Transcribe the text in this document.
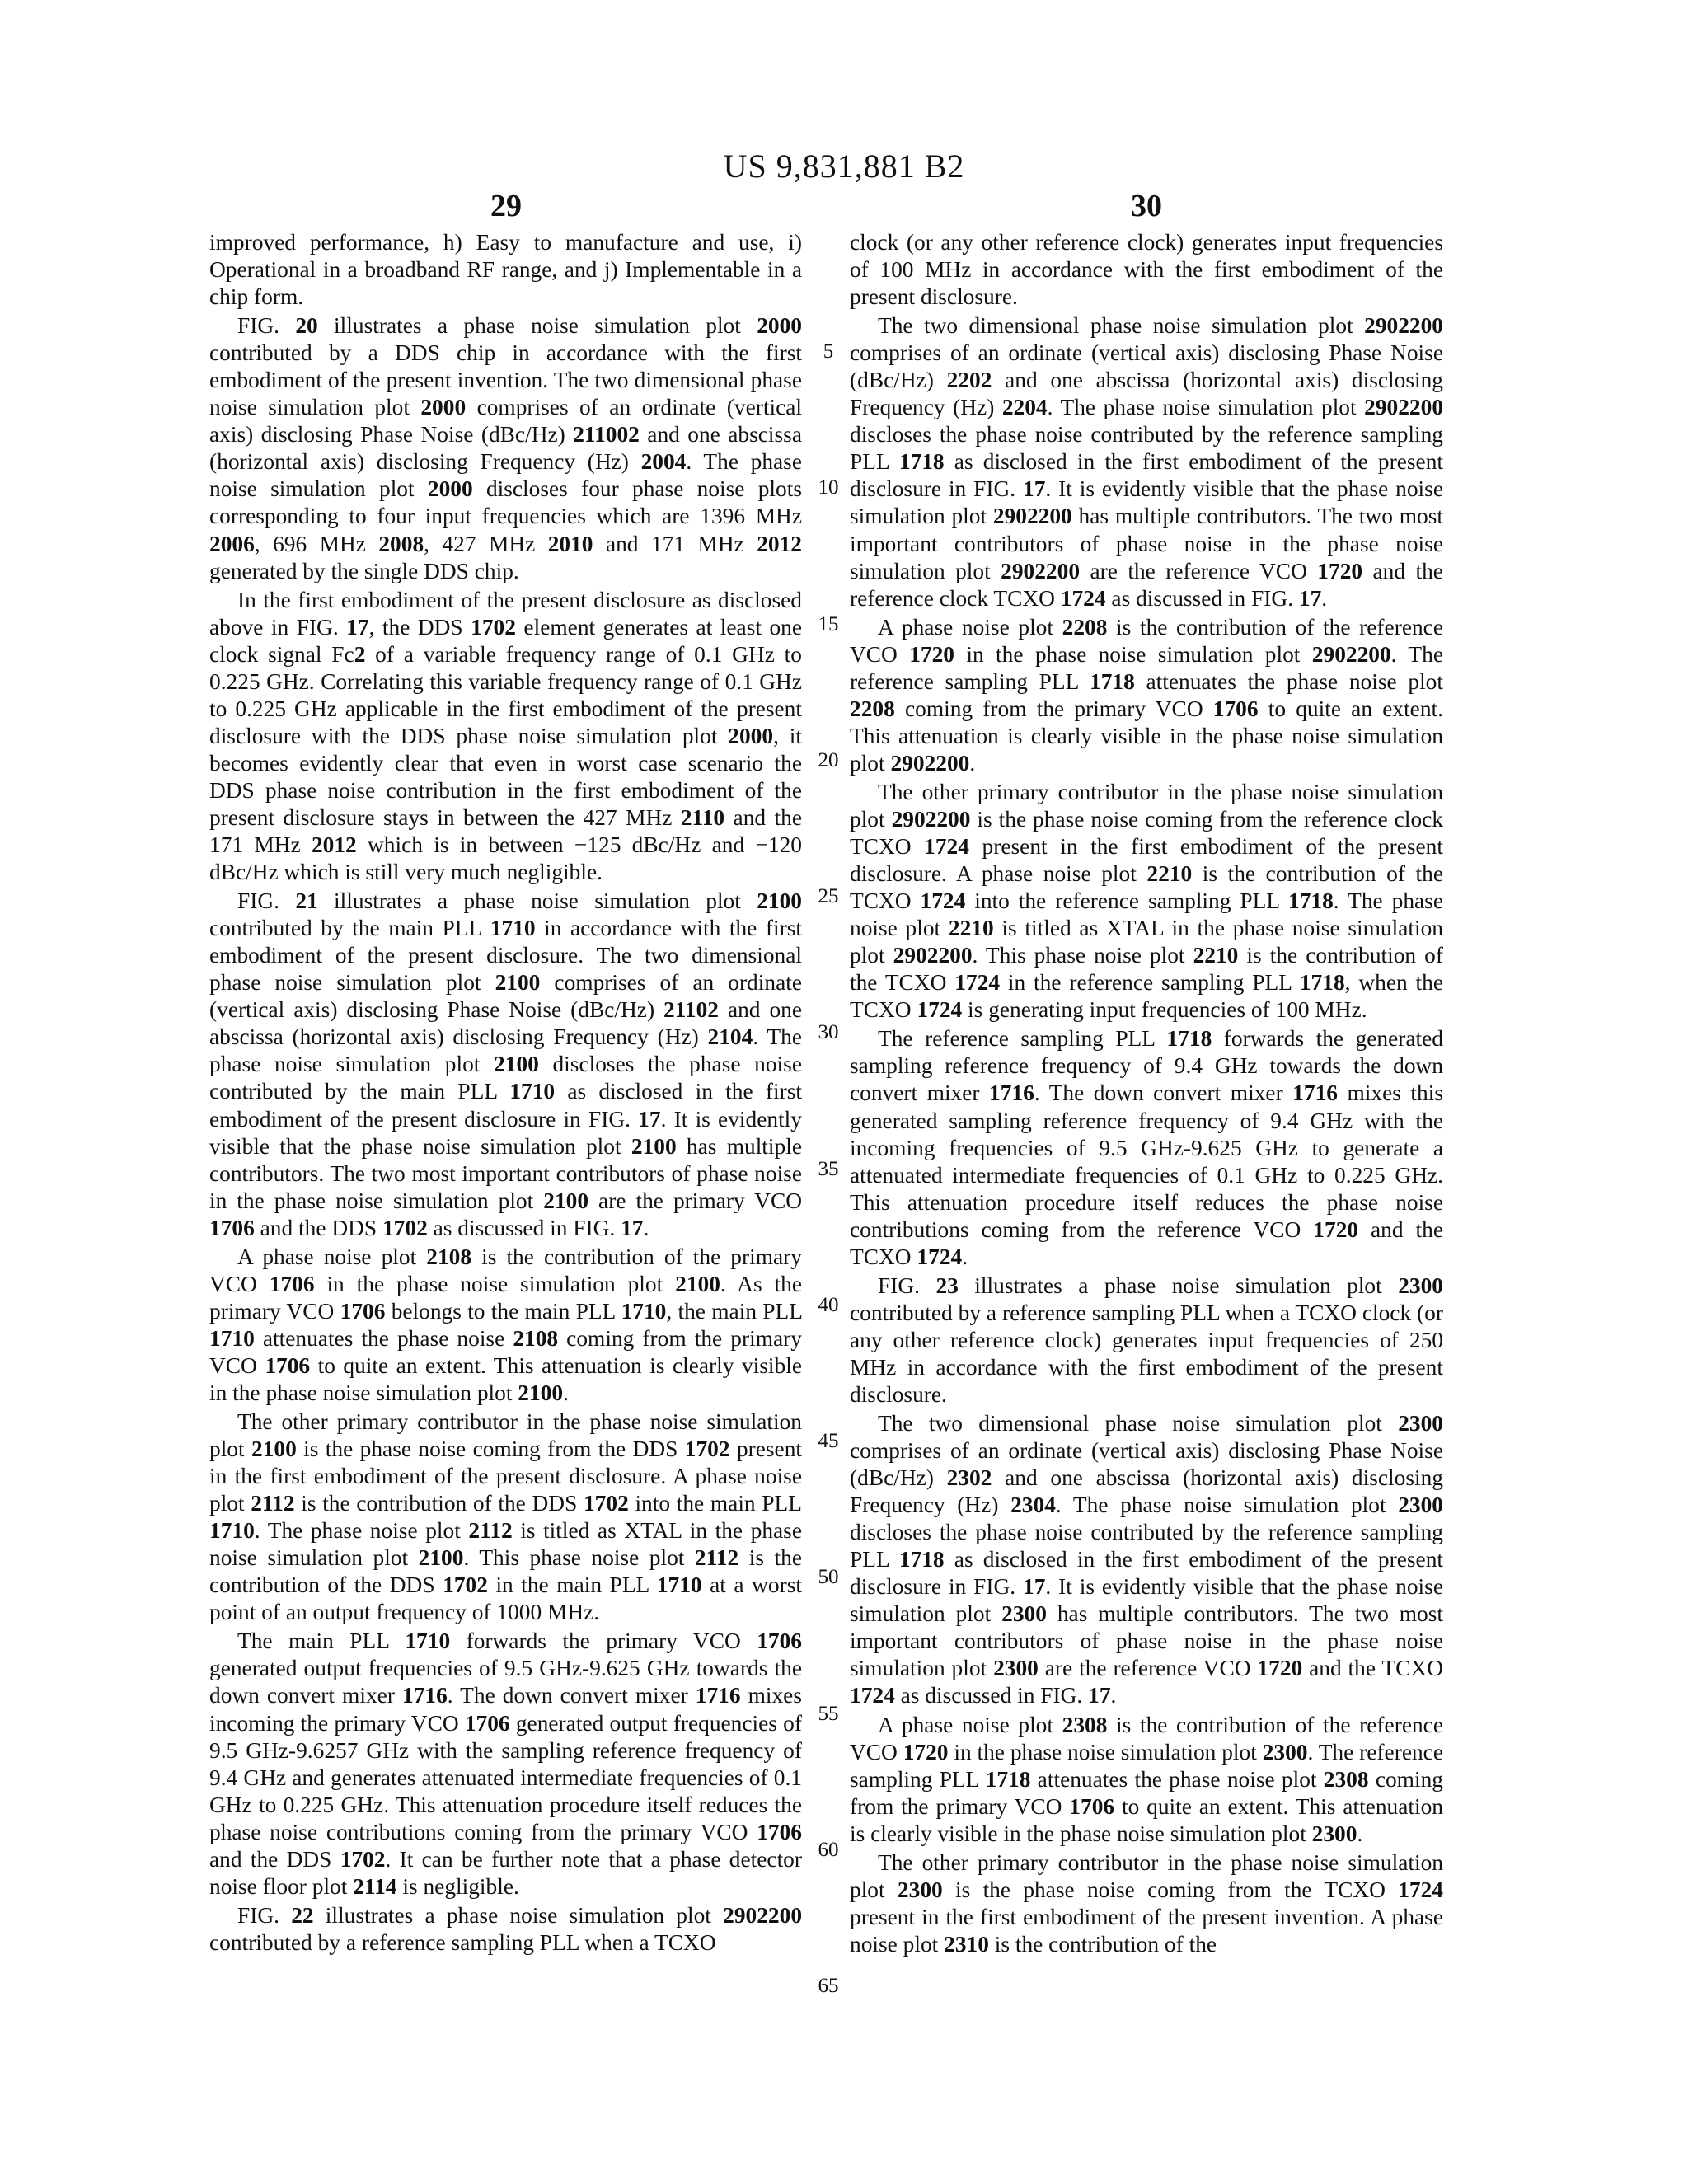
US 9,831,881 B2
29	30
5
10
15
20
25
30
35
40
45
50
55
60
65

improved performance, h) Easy to manufacture and use, i) Operational in a broadband RF range, and j) Implementable in a chip form.

FIG. 20 illustrates a phase noise simulation plot 2000 contributed by a DDS chip in accordance with the first embodiment of the present invention. The two dimensional phase noise simulation plot 2000 comprises of an ordinate (vertical axis) disclosing Phase Noise (dBc/Hz) 211002 and one abscissa (horizontal axis) disclosing Frequency (Hz) 2004. The phase noise simulation plot 2000 discloses four phase noise plots corresponding to four input frequencies which are 1396 MHz 2006, 696 MHz 2008, 427 MHz 2010 and 171 MHz 2012 generated by the single DDS chip.

In the first embodiment of the present disclosure as disclosed above in FIG. 17, the DDS 1702 element generates at least one clock signal Fc2 of a variable frequency range of 0.1 GHz to 0.225 GHz. Correlating this variable frequency range of 0.1 GHz to 0.225 GHz applicable in the first embodiment of the present disclosure with the DDS phase noise simulation plot 2000, it becomes evidently clear that even in worst case scenario the DDS phase noise contribution in the first embodiment of the present disclosure stays in between the 427 MHz 2110 and the 171 MHz 2012 which is in between −125 dBc/Hz and −120 dBc/Hz which is still very much negligible.

FIG. 21 illustrates a phase noise simulation plot 2100 contributed by the main PLL 1710 in accordance with the first embodiment of the present disclosure. The two dimensional phase noise simulation plot 2100 comprises of an ordinate (vertical axis) disclosing Phase Noise (dBc/Hz) 21102 and one abscissa (horizontal axis) disclosing Frequency (Hz) 2104. The phase noise simulation plot 2100 discloses the phase noise contributed by the main PLL 1710 as disclosed in the first embodiment of the present disclosure in FIG. 17. It is evidently visible that the phase noise simulation plot 2100 has multiple contributors. The two most important contributors of phase noise in the phase noise simulation plot 2100 are the primary VCO 1706 and the DDS 1702 as discussed in FIG. 17.

A phase noise plot 2108 is the contribution of the primary VCO 1706 in the phase noise simulation plot 2100. As the primary VCO 1706 belongs to the main PLL 1710, the main PLL 1710 attenuates the phase noise 2108 coming from the primary VCO 1706 to quite an extent. This attenuation is clearly visible in the phase noise simulation plot 2100.

The other primary contributor in the phase noise simulation plot 2100 is the phase noise coming from the DDS 1702 present in the first embodiment of the present disclosure. A phase noise plot 2112 is the contribution of the DDS 1702 into the main PLL 1710. The phase noise plot 2112 is titled as XTAL in the phase noise simulation plot 2100. This phase noise plot 2112 is the contribution of the DDS 1702 in the main PLL 1710 at a worst point of an output frequency of 1000 MHz.

The main PLL 1710 forwards the primary VCO 1706 generated output frequencies of 9.5 GHz-9.625 GHz towards the down convert mixer 1716. The down convert mixer 1716 mixes incoming the primary VCO 1706 generated output frequencies of 9.5 GHz-9.6257 GHz with the sampling reference frequency of 9.4 GHz and generates attenuated intermediate frequencies of 0.1 GHz to 0.225 GHz. This attenuation procedure itself reduces the phase noise contributions coming from the primary VCO 1706 and the DDS 1702. It can be further note that a phase detector noise floor plot 2114 is negligible.

FIG. 22 illustrates a phase noise simulation plot 2902200 contributed by a reference sampling PLL when a TCXO

clock (or any other reference clock) generates input frequencies of 100 MHz in accordance with the first embodiment of the present disclosure.

The two dimensional phase noise simulation plot 2902200 comprises of an ordinate (vertical axis) disclosing Phase Noise (dBc/Hz) 2202 and one abscissa (horizontal axis) disclosing Frequency (Hz) 2204. The phase noise simulation plot 2902200 discloses the phase noise contributed by the reference sampling PLL 1718 as disclosed in the first embodiment of the present disclosure in FIG. 17. It is evidently visible that the phase noise simulation plot 2902200 has multiple contributors. The two most important contributors of phase noise in the phase noise simulation plot 2902200 are the reference VCO 1720 and the reference clock TCXO 1724 as discussed in FIG. 17.

A phase noise plot 2208 is the contribution of the reference VCO 1720 in the phase noise simulation plot 2902200. The reference sampling PLL 1718 attenuates the phase noise plot 2208 coming from the primary VCO 1706 to quite an extent. This attenuation is clearly visible in the phase noise simulation plot 2902200.

The other primary contributor in the phase noise simulation plot 2902200 is the phase noise coming from the reference clock TCXO 1724 present in the first embodiment of the present disclosure. A phase noise plot 2210 is the contribution of the TCXO 1724 into the reference sampling PLL 1718. The phase noise plot 2210 is titled as XTAL in the phase noise simulation plot 2902200. This phase noise plot 2210 is the contribution of the TCXO 1724 in the reference sampling PLL 1718, when the TCXO 1724 is generating input frequencies of 100 MHz.

The reference sampling PLL 1718 forwards the generated sampling reference frequency of 9.4 GHz towards the down convert mixer 1716. The down convert mixer 1716 mixes this generated sampling reference frequency of 9.4 GHz with the incoming frequencies of 9.5 GHz-9.625 GHz to generate a attenuated intermediate frequencies of 0.1 GHz to 0.225 GHz. This attenuation procedure itself reduces the phase noise contributions coming from the reference VCO 1720 and the TCXO 1724.

FIG. 23 illustrates a phase noise simulation plot 2300 contributed by a reference sampling PLL when a TCXO clock (or any other reference clock) generates input frequencies of 250 MHz in accordance with the first embodiment of the present disclosure.

The two dimensional phase noise simulation plot 2300 comprises of an ordinate (vertical axis) disclosing Phase Noise (dBc/Hz) 2302 and one abscissa (horizontal axis) disclosing Frequency (Hz) 2304. The phase noise simulation plot 2300 discloses the phase noise contributed by the reference sampling PLL 1718 as disclosed in the first embodiment of the present disclosure in FIG. 17. It is evidently visible that the phase noise simulation plot 2300 has multiple contributors. The two most important contributors of phase noise in the phase noise simulation plot 2300 are the reference VCO 1720 and the TCXO 1724 as discussed in FIG. 17.

A phase noise plot 2308 is the contribution of the reference VCO 1720 in the phase noise simulation plot 2300. The reference sampling PLL 1718 attenuates the phase noise plot 2308 coming from the primary VCO 1706 to quite an extent. This attenuation is clearly visible in the phase noise simulation plot 2300.

The other primary contributor in the phase noise simulation plot 2300 is the phase noise coming from the TCXO 1724 present in the first embodiment of the present invention. A phase noise plot 2310 is the contribution of the
